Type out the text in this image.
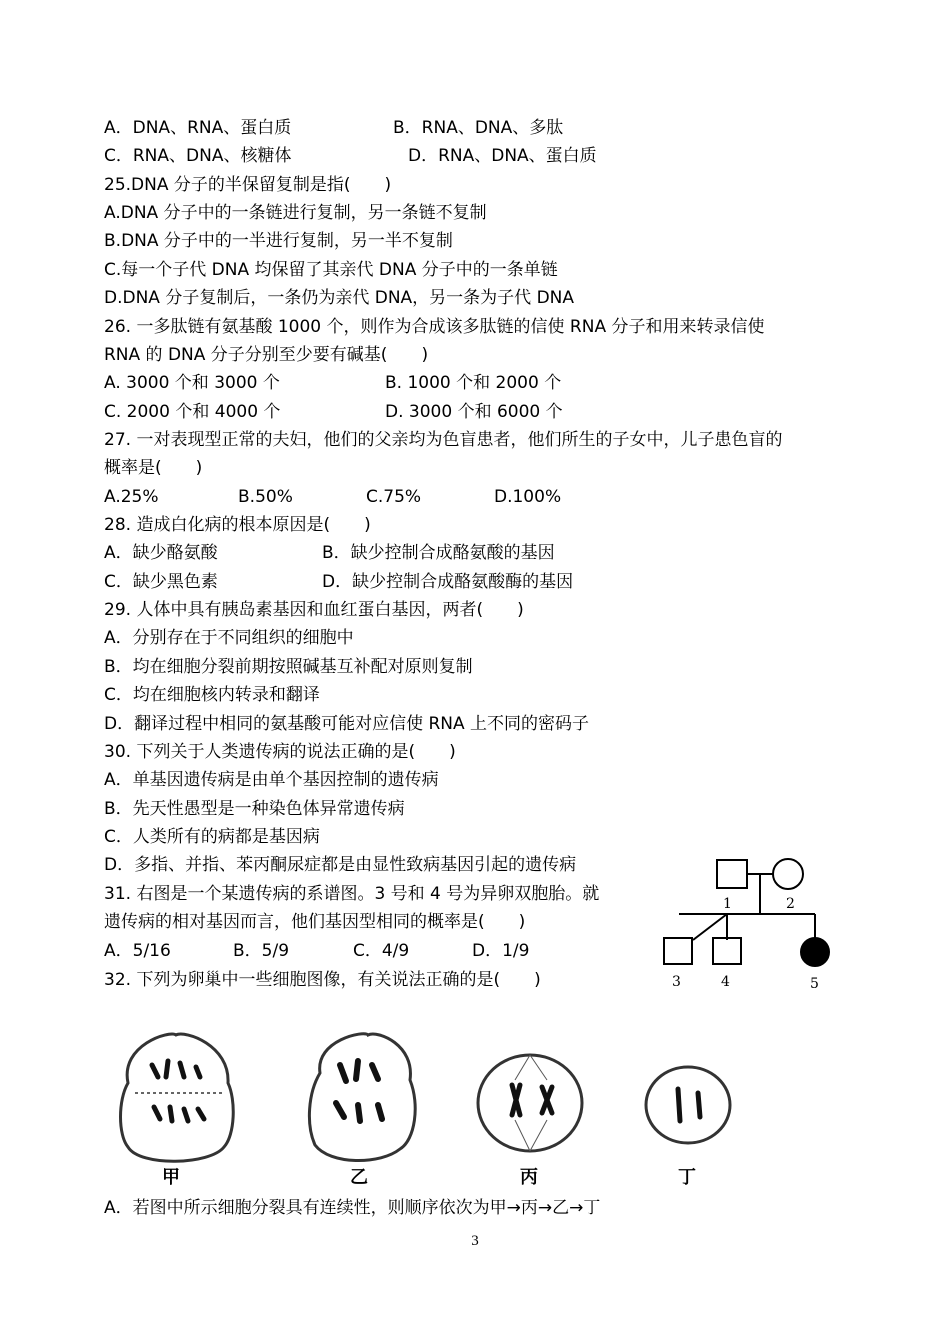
A．DNA、RNA、蛋白质	B．RNA、DNA、多肽
C．RNA、DNA、核糖体	D．RNA、DNA、蛋白质
25.DNA 分子的半保留复制是指(　　)
A.DNA 分子中的一条链进行复制，另一条链不复制
B.DNA 分子中的一半进行复制，另一半不复制
C.每一个子代 DNA 均保留了其亲代 DNA 分子中的一条单链
D.DNA 分子复制后，一条仍为亲代 DNA，另一条为子代 DNA
26. 一多肽链有氨基酸 1000 个，则作为合成该多肽链的信使 RNA 分子和用来转录信使
RNA 的 DNA 分子分别至少要有碱基(　　)
A. 3000 个和 3000 个	B. 1000 个和 2000 个
C. 2000 个和 4000 个	D. 3000 个和 6000 个
27. 一对表现型正常的夫妇，他们的父亲均为色盲患者，他们所生的子女中，儿子患色盲的
概率是(　　)
A.25%	B.50%	C.75%	D.100%
28. 造成白化病的根本原因是(　　)
A．缺少酪氨酸	B．缺少控制合成酪氨酸的基因
C．缺少黑色素	D．缺少控制合成酪氨酸酶的基因
29. 人体中具有胰岛素基因和血红蛋白基因，两者(　　)
A．分别存在于不同组织的细胞中
B．均在细胞分裂前期按照碱基互补配对原则复制
C．均在细胞核内转录和翻译
D．翻译过程中相同的氨基酸可能对应信使 RNA 上不同的密码子
30. 下列关于人类遗传病的说法正确的是(　　)
A．单基因遗传病是由单个基因控制的遗传病
B．先天性愚型是一种染色体异常遗传病
C．人类所有的病都是基因病
D．多指、并指、苯丙酮尿症都是由显性致病基因引起的遗传病
31. 右图是一个某遗传病的系谱图。3 号和 4 号为异卵双胞胎。就
遗传病的相对基因而言，他们基因型相同的概率是(　　)
A．5/16	B．5/9	C．4/9	D．1/9
1	2
3	4	5
32. 下列为卵巢中一些细胞图像，有关说法正确的是(　　)
甲	乙	丙	丁
A．若图中所示细胞分裂具有连续性，则顺序依次为甲→丙→乙→丁
3
